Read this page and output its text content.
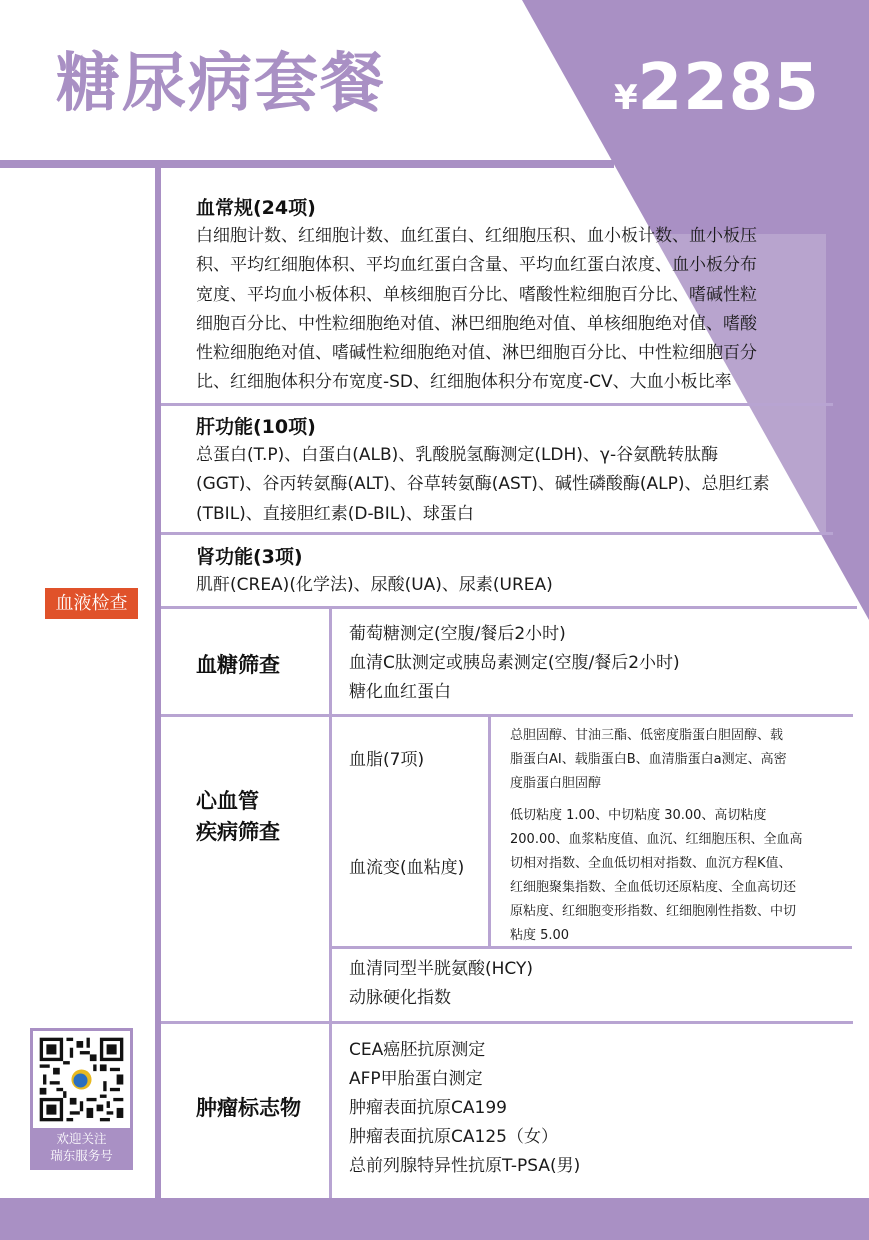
糖尿病套餐	¥2285
血液检查
欢迎关注
瑞东服务号
血常规(24项)
白细胞计数、红细胞计数、血红蛋白、红细胞压积、血小板计数、血小板压
积、平均红细胞体积、平均血红蛋白含量、平均血红蛋白浓度、血小板分布
宽度、平均血小板体积、单核细胞百分比、嗜酸性粒细胞百分比、嗜碱性粒
细胞百分比、中性粒细胞绝对值、淋巴细胞绝对值、单核细胞绝对值、嗜酸
性粒细胞绝对值、嗜碱性粒细胞绝对值、淋巴细胞百分比、中性粒细胞百分
比、红细胞体积分布宽度-SD、红细胞体积分布宽度-CV、大血小板比率
肝功能(10项)
总蛋白(T.P)、白蛋白(ALB)、乳酸脱氢酶测定(LDH)、γ-谷氨酰转肽酶
(GGT)、谷丙转氨酶(ALT)、谷草转氨酶(AST)、碱性磷酸酶(ALP)、总胆红素
(TBIL)、直接胆红素(D-BIL)、球蛋白
肾功能(3项)
肌酐(CREA)(化学法)、尿酸(UA)、尿素(UREA)
血糖筛查
葡萄糖测定(空腹/餐后2小时)
血清C肽测定或胰岛素测定(空腹/餐后2小时)
糖化血红蛋白
心血管
疾病筛查
血脂(7项)
总胆固醇、甘油三酯、低密度脂蛋白胆固醇、载
脂蛋白AⅠ、载脂蛋白B、血清脂蛋白a测定、高密
度脂蛋白胆固醇
血流变(血粘度)
低切粘度 1.00、中切粘度 30.00、高切粘度
200.00、血浆粘度值、血沉、红细胞压积、全血高
切相对指数、全血低切相对指数、血沉方程K值、
红细胞聚集指数、全血低切还原粘度、全血高切还
原粘度、红细胞变形指数、红细胞刚性指数、中切
粘度 5.00
血清同型半胱氨酸(HCY)
动脉硬化指数
肿瘤标志物
CEA癌胚抗原测定
AFP甲胎蛋白测定
肿瘤表面抗原CA199
肿瘤表面抗原CA125（女）
总前列腺特异性抗原T-PSA(男)
